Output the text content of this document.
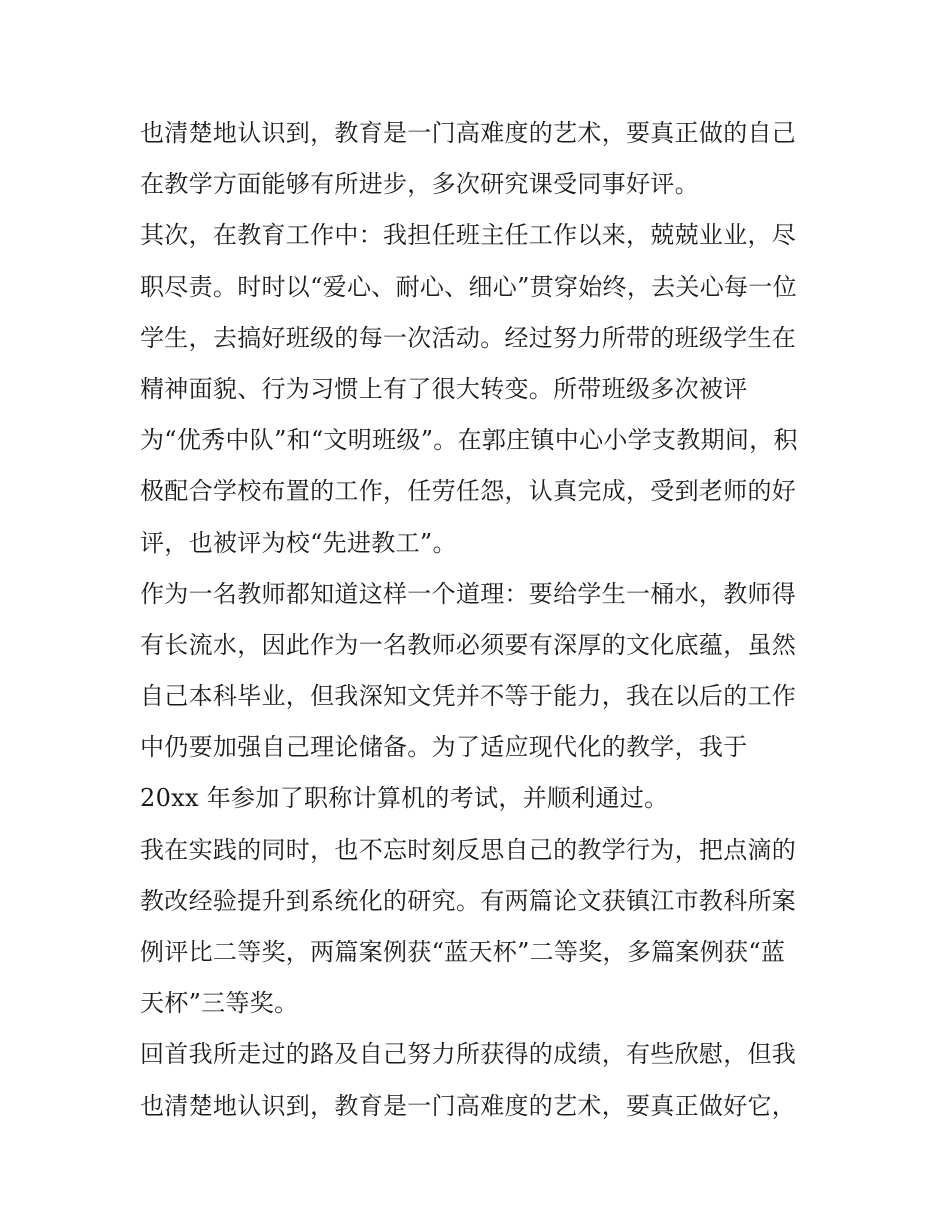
也清楚地认识到，教育是一门高难度的艺术，要真正做的自己
在教学方面能够有所进步，多次研究课受同事好评。
其次，在教育工作中：我担任班主任工作以来，兢兢业业，尽
职尽责。时时以“爱心、耐心、细心”贯穿始终，去关心每一位
学生，去搞好班级的每一次活动。经过努力所带的班级学生在
精神面貌、行为习惯上有了很大转变。所带班级多次被评
为“优秀中队”和“文明班级”。在郭庄镇中心小学支教期间，积
极配合学校布置的工作，任劳任怨，认真完成，受到老师的好
评，也被评为校“先进教工”。
作为一名教师都知道这样一个道理：要给学生一桶水，教师得
有长流水，因此作为一名教师必须要有深厚的文化底蕴，虽然
自己本科毕业，但我深知文凭并不等于能力，我在以后的工作
中仍要加强自己理论储备。为了适应现代化的教学，我于
20xx 年参加了职称计算机的考试，并顺利通过。
我在实践的同时，也不忘时刻反思自己的教学行为，把点滴的
教改经验提升到系统化的研究。有两篇论文获镇江市教科所案
例评比二等奖，两篇案例获“蓝天杯”二等奖，多篇案例获“蓝
天杯”三等奖。
回首我所走过的路及自己努力所获得的成绩，有些欣慰，但我
也清楚地认识到，教育是一门高难度的艺术，要真正做好它，
